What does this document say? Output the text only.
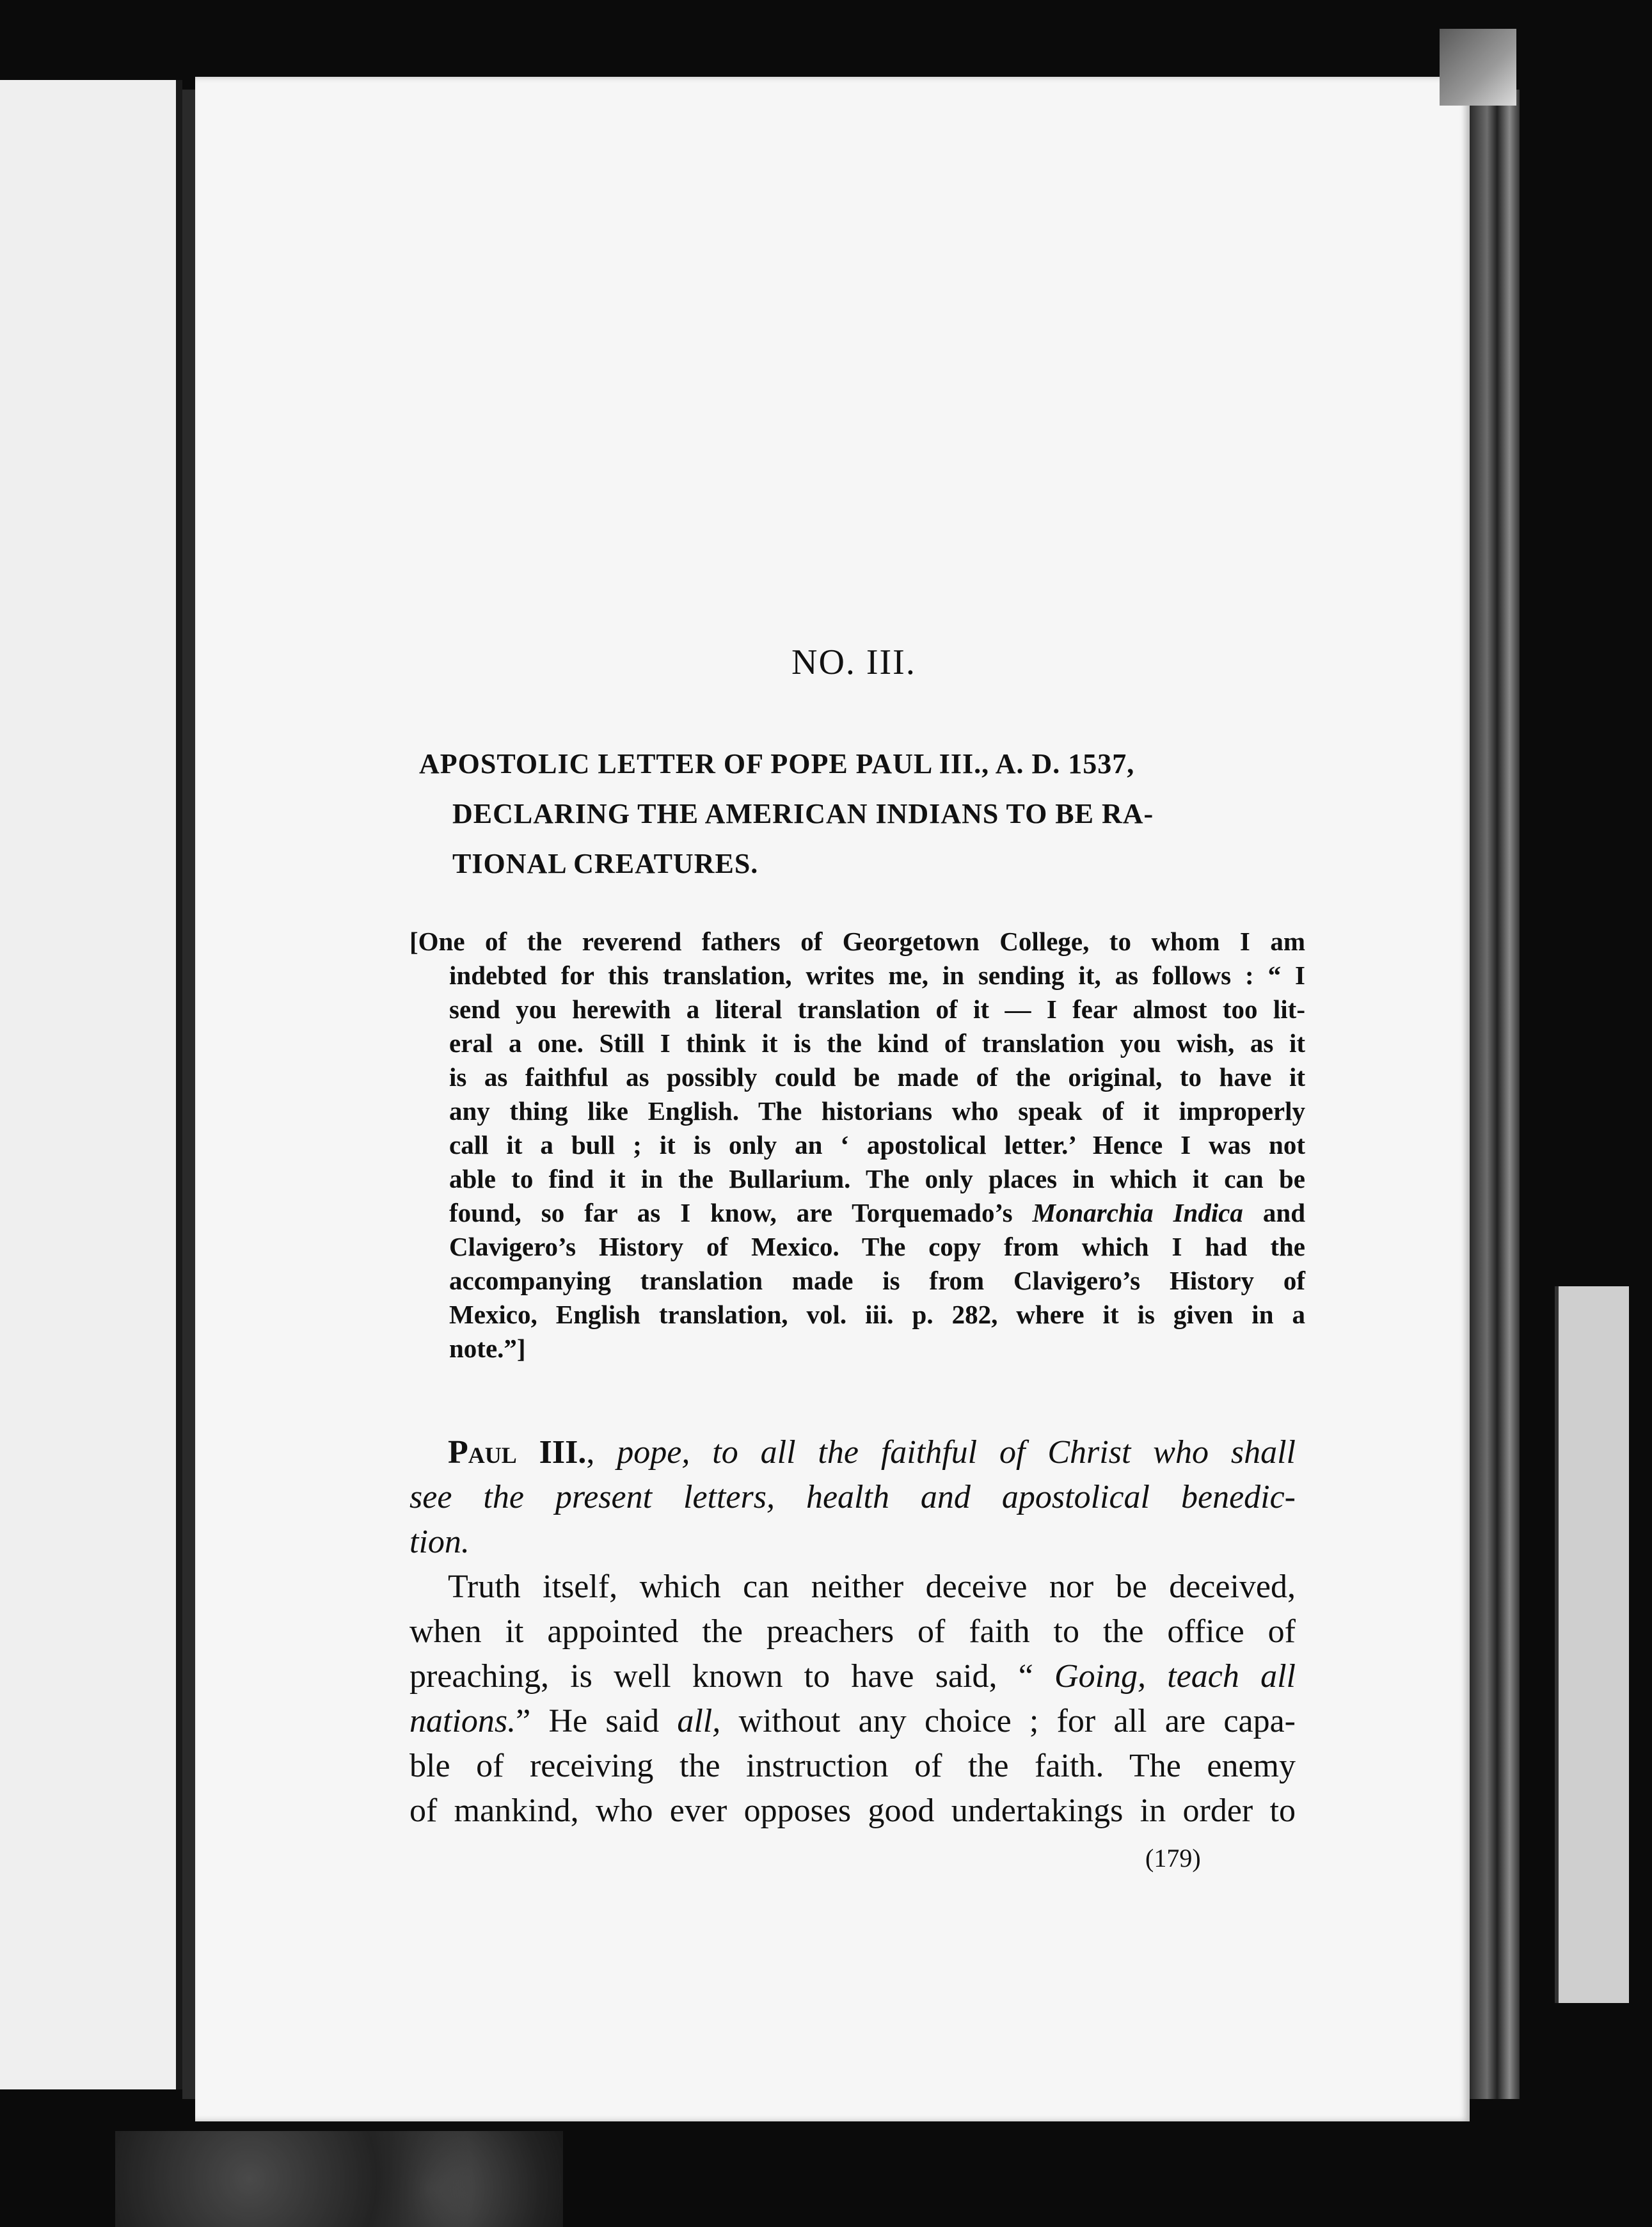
NO. III.
APOSTOLIC LETTER OF POPE PAUL III., A. D. 1537,
DECLARING THE AMERICAN INDIANS TO BE RA-
TIONAL CREATURES.
[One of the reverend fathers of Georgetown College, to whom I am
indebted for this translation, writes me, in sending it, as follows : “ I
send you herewith a literal translation of it — I fear almost too lit-
eral a one. Still I think it is the kind of translation you wish, as it
is as faithful as possibly could be made of the original, to have it
any thing like English. The historians who speak of it improperly
call it a bull ; it is only an ‘ apostolical letter.’ Hence I was not
able to find it in the Bullarium. The only places in which it can be
found, so far as I know, are Torquemado’s Monarchia Indica and
Clavigero’s History of Mexico. The copy from which I had the
accompanying translation made is from Clavigero’s History of
Mexico, English translation, vol. iii. p. 282, where it is given in a
note.”]
Paul III., pope, to all the faithful of Christ who shall
see the present letters, health and apostolical benedic-
tion.
Truth itself, which can neither deceive nor be deceived,
when it appointed the preachers of faith to the office of
preaching, is well known to have said, “ Going, teach all
nations.” He said all, without any choice ; for all are capa-
ble of receiving the instruction of the faith. The enemy
of mankind, who ever opposes good undertakings in order to
(179)
